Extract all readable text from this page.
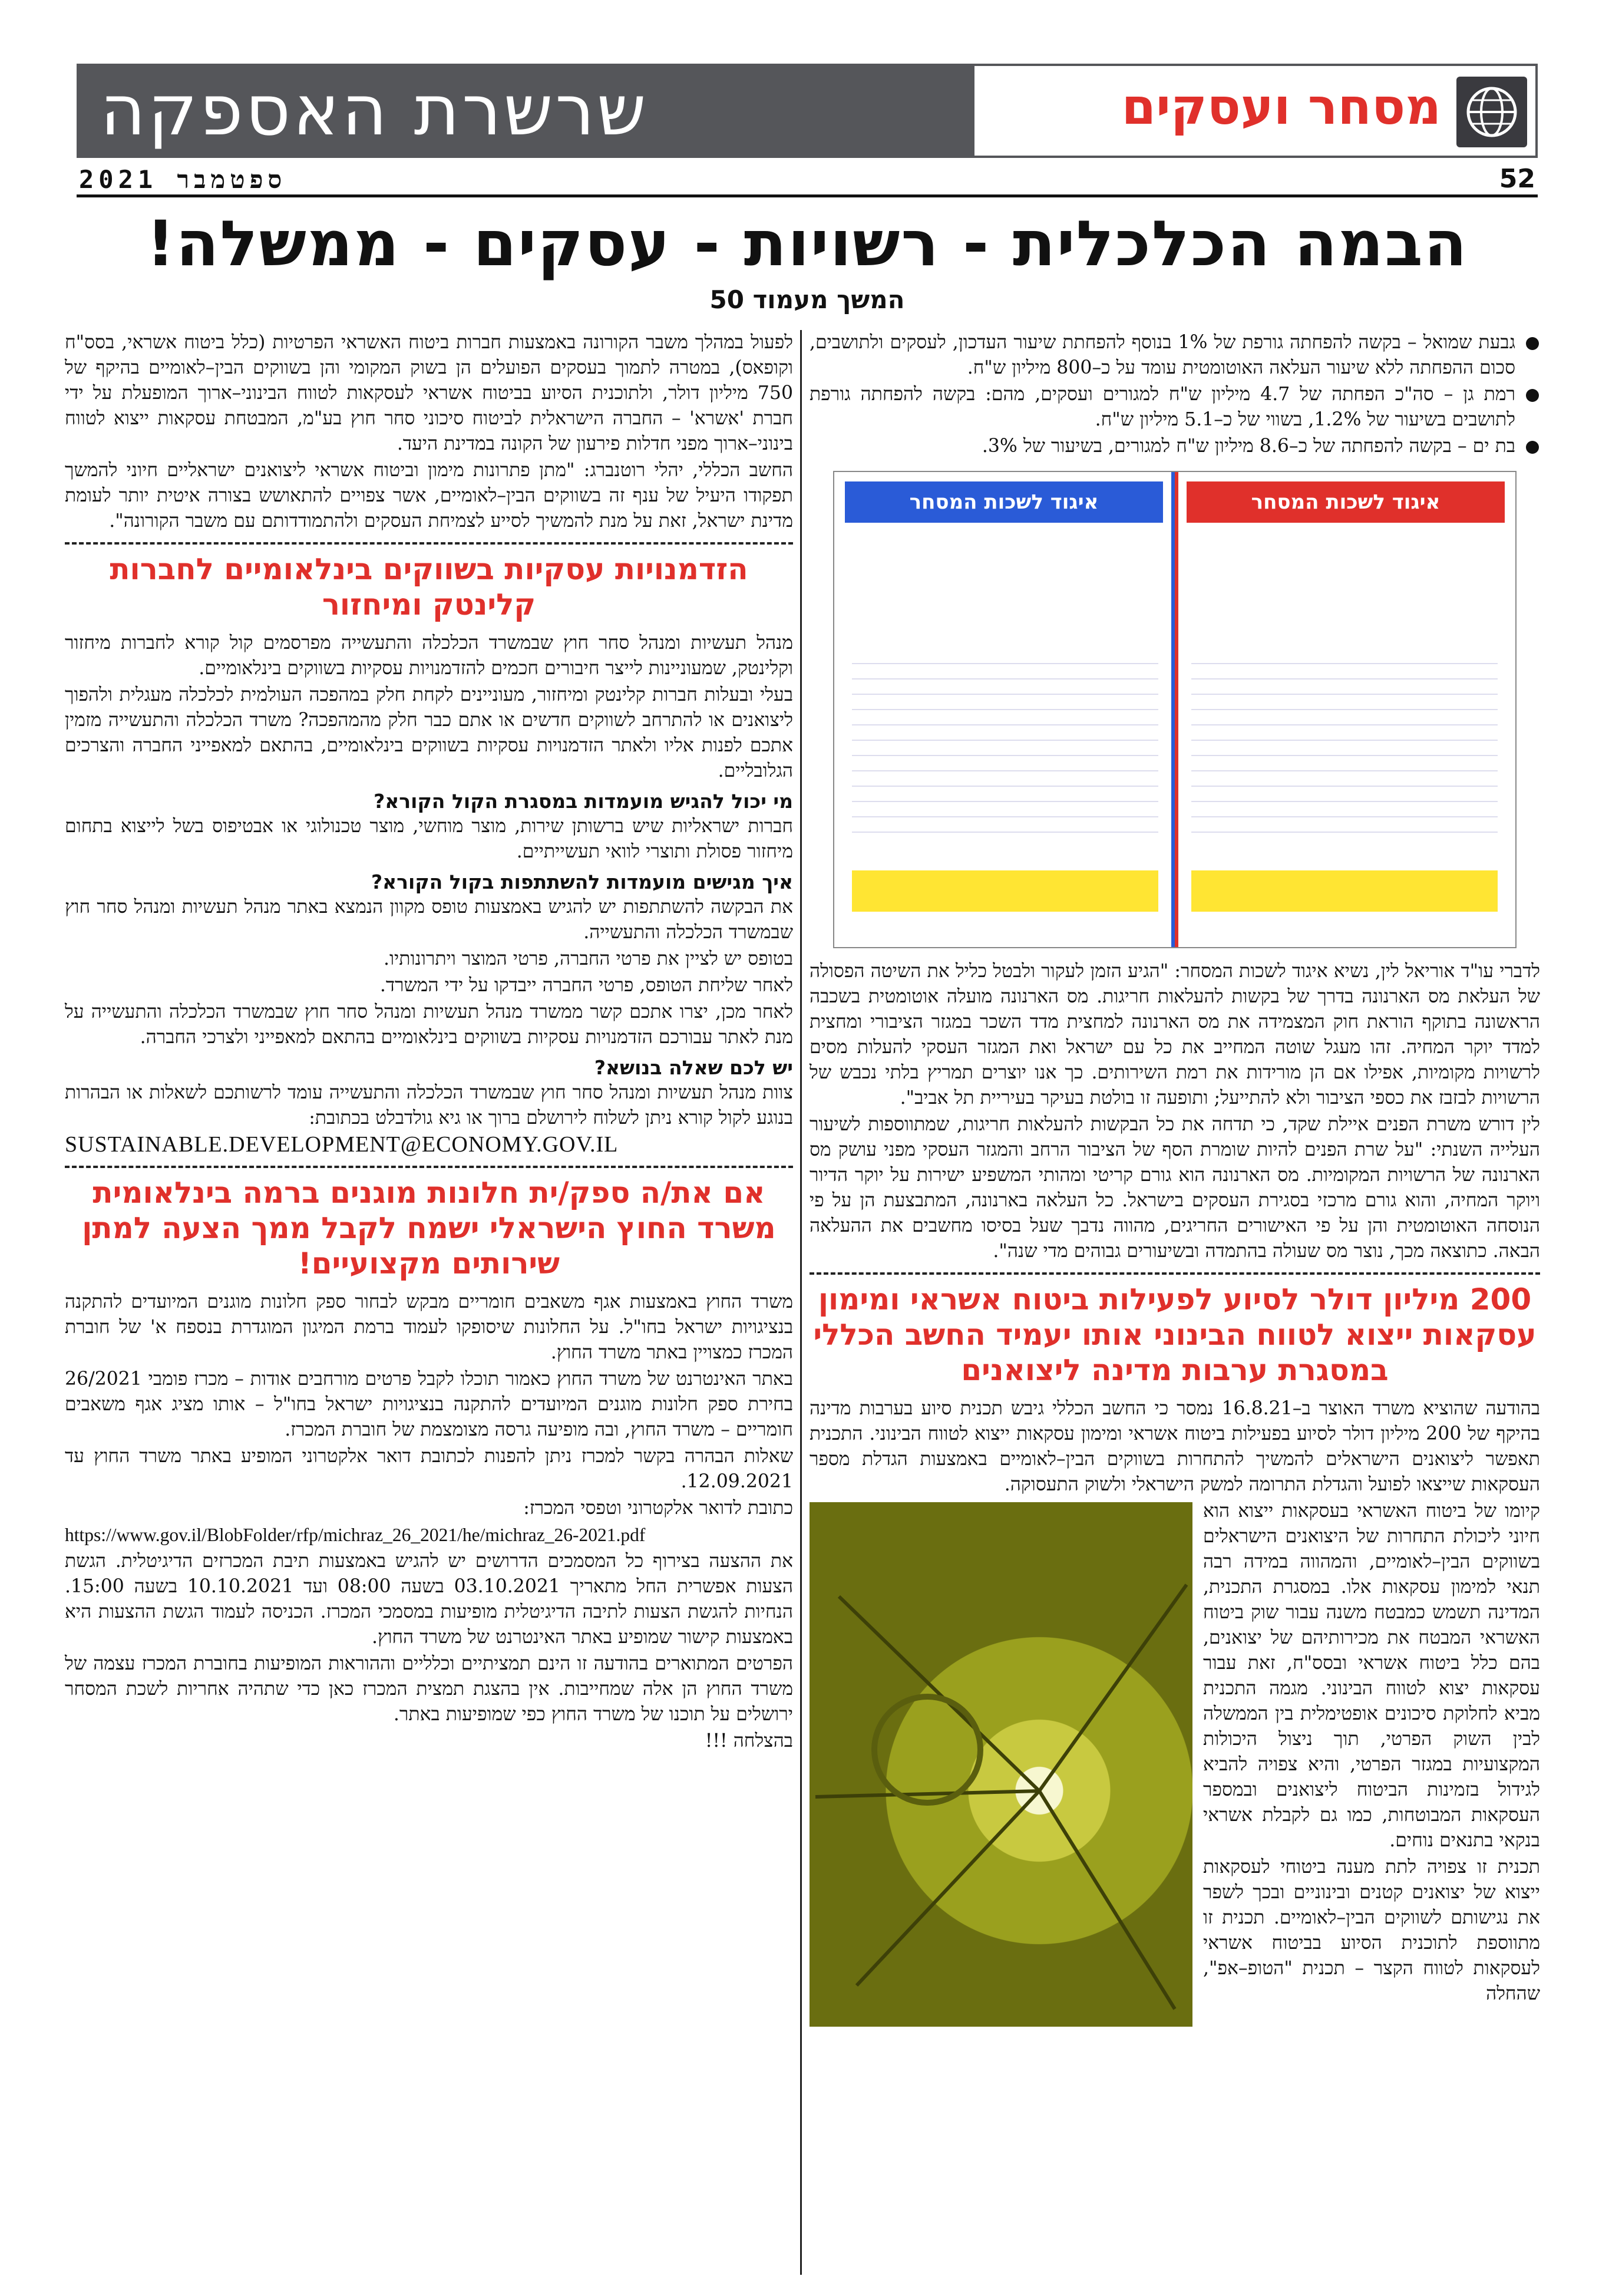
שרשרת האספקה	מסחר ועסקים
ספטמבר 2021	52
הבמה הכלכלית - רשויות - עסקים - ממשלה!
המשך מעמוד 50

גבעת שמואל – בקשה להפחתה גורפת של 1% בנוסף להפחתת שיעור העדכון, לעסקים ולתושבים, סכום ההפחתה ללא שיעור העלאה האוטומטית עומד על כ–800 מיליון ש"ח.

רמת גן – סה"כ הפחתה של 4.7 מיליון ש"ח למגורים ועסקים, מהם: בקשה להפחתה גורפת לתושבים בשיעור של 1.2%, בשווי של כ–5.1 מיליון ש"ח.

בת ים – בקשה להפחתה של כ–8.6 מיליון ש"ח למגורים, בשיעור של 3%.

איגוד לשכות המסחר	איגוד לשכות המסחר

לדברי עו"ד אוריאל לין, נשיא איגוד לשכות המסחר: "הגיע הזמן לעקור ולבטל כליל את השיטה הפסולה של העלאת מס הארנונה בדרך של בקשות להעלאות חריגות. מס הארנונה מועלה אוטומטית בשכבה הראשונה בתוקף הוראת חוק המצמידה את מס הארנונה למחצית מדד השכר במגזר הציבורי ומחצית למדד יוקר המחיה. זהו מעגל שוטה המחייב את כל עם ישראל ואת המגזר העסקי להעלות מסים לרשויות מקומיות, אפילו אם הן מורידות את רמת השירותים. כך אנו יוצרים תמריץ בלתי נכבש של הרשויות לבזבז את כספי הציבור ולא להתייעל; ותופעה זו בולטת בעיקר בעיריית תל אביב".

לין דורש משרת הפנים איילת שקד, כי תדחה את כל הבקשות להעלאות חריגות, שמתווספות לשיעור העלייה השנתי: "על שרת הפנים להיות שומרת הסף של הציבור הרחב והמגזר העסקי מפני עושק מס הארנונה של הרשויות המקומיות. מס הארנונה הוא גורם קריטי ומהותי המשפיע ישירות על יוקר הדיור ויוקר המחיה, והוא גורם מרכזי בסגירת העסקים בישראל. כל העלאה בארנונה, המתבצעת הן על פי הנוסחה האוטומטית והן על פי האישורים החריגים, מהווה נדבך שעל בסיסו מחשבים את ההעלאה הבאה. כתוצאה מכך, נוצר מס שעולה בהתמדה ובשיעורים גבוהים מדי שנה".

200 מיליון דולר לסיוע לפעילות ביטוח אשראי ומימון עסקאות ייצוא לטווח הבינוני אותו יעמיד החשב הכללי במסגרת ערבות מדינה ליצואנים

בהודעה שהוציא משרד האוצר ב–16.8.21 נמסר כי החשב הכללי גיבש תכנית סיוע בערבות מדינה בהיקף של 200 מיליון דולר לסיוע בפעילות ביטוח אשראי ומימון עסקאות ייצוא לטווח הבינוני. התכנית תאפשר ליצואנים הישראלים להמשיך להתחרות בשווקים הבין–לאומיים באמצעות הגדלת מספר העסקאות שייצאו לפועל והגדלת התרומה למשק הישראלי ולשוק התעסוקה.

קיומו של ביטוח האשראי בעסקאות ייצוא הוא חיוני ליכולת התחרות של היצואנים הישראלים בשווקים הבין–לאומיים, והמהווה במידה רבה תנאי למימון עסקאות אלו. במסגרת התכנית, המדינה תשמש כמבטח משנה עבור שוק ביטוח האשראי המבטח את מכירותיהם של יצואנים, בהם כלל ביטוח אשראי ובסס"ח, זאת עבור עסקאות יצוא לטווח הבינוני. מגמה התכנית מביא לחלוקת סיכונים אופטימלית בין הממשלה לבין השוק הפרטי, תוך ניצול היכולות המקצועיות במגזר הפרטי, והיא צפויה להביא לגידול בזמינות הביטוח ליצואנים ובמספר העסקאות המבוטחות, כמו גם לקבלת אשראי בנקאי בתנאים נוחים.

תכנית זו צפויה לתת מענה ביטוחי לעסקאות ייצוא של יצואנים קטנים ובינוניים ובכך לשפר את נגישותם לשווקים הבין–לאומיים. תכנית זו מתווספת לתוכנית הסיוע בביטוח אשראי לעסקאות לטווח הקצר – תכנית "הטופ–אפ", שהחלה

לפעול במהלך משבר הקורונה באמצעות חברות ביטוח האשראי הפרטיות (כלל ביטוח אשראי, בסס"ח וקופאס), במטרה לתמוך בעסקים הפועלים הן בשוק המקומי והן בשווקים הבין–לאומיים בהיקף של 750 מיליון דולר, ולתוכנית הסיוע בביטוח אשראי לעסקאות לטווח הבינוני–ארוך המופעלת על ידי חברת 'אשרא' – החברה הישראלית לביטוח סיכוני סחר חוץ בע"מ, המבטחת עסקאות ייצוא לטווח בינוני–ארוך מפני חדלות פירעון של הקונה במדינת היעד.

החשב הכללי, יהלי רוטנברג: "מתן פתרונות מימון וביטוח אשראי ליצואנים ישראליים חיוני להמשך תפקודו היעיל של ענף זה בשווקים הבין–לאומיים, אשר צפויים להתאושש בצורה איטית יותר לעומת מדינת ישראל, זאת על מנת להמשיך לסייע לצמיחת העסקים ולהתמודדותם עם משבר הקורונה".

הזדמנויות עסקיות בשווקים בינלאומיים לחברות קלינטק ומיחזור

מנהל תעשיות ומנהל סחר חוץ שבמשרד הכלכלה והתעשייה מפרסמים קול קורא לחברות מיחזור וקלינטק, שמעוניינות לייצר חיבורים חכמים להזדמנויות עסקיות בשווקים בינלאומיים.

בעלי ובעלות חברות קלינטק ומיחזור, מעוניינים לקחת חלק במהפכה העולמית לכלכלה מעגלית ולהפוך ליצואנים או להתרחב לשווקים חדשים או אתם כבר חלק מהמהפכה? משרד הכלכלה והתעשייה מזמין אתכם לפנות אליו ולאתר הזדמנויות עסקיות בשווקים בינלאומיים, בהתאם למאפייני החברה והצרכים הגלובליים.

מי יכול להגיש מועמדות במסגרת הקול הקורא?

חברות ישראליות שיש ברשותן שירות, מוצר מוחשי, מוצר טכנולוגי או אבטיפוס בשל לייצוא בתחום מיחזור פסולת ותוצרי לוואי תעשייתיים.

איך מגישים מועמדות להשתתפות בקול הקורא?

את הבקשה להשתתפות יש להגיש באמצעות טופס מקוון הנמצא באתר מנהל תעשיות ומנהל סחר חוץ שבמשרד הכלכלה והתעשייה.

בטופס יש לציין את פרטי החברה, פרטי המוצר ויתרונותיו.

לאחר שליחת הטופס, פרטי החברה ייבדקו על ידי המשרד.

לאחר מכן, יצרו אתכם קשר ממשרד מנהל תעשיות ומנהל סחר חוץ שבמשרד הכלכלה והתעשייה על מנת לאתר עבורכם הזדמנויות עסקיות בשווקים בינלאומיים בהתאם למאפייני ולצרכי החברה.

יש לכם שאלה בנושא?

צוות מנהל תעשיות ומנהל סחר חוץ שבמשרד הכלכלה והתעשייה עומד לרשותכם לשאלות או הבהרות בנוגע לקול קורא ניתן לשלוח לירושלם ברוך או גיא גולדבלט בכתובת:

SUSTAINABLE.DEVELOPMENT@ECONOMY.GOV.IL

אם את/ה ספק/ית חלונות מוגנים ברמה בינלאומית משרד החוץ הישראלי ישמח לקבל ממך הצעה למתן שירותים מקצועיים!

משרד החוץ באמצעות אגף משאבים חומריים מבקש לבחור ספק חלונות מוגנים המיועדים להתקנה בנציגויות ישראל בחו"ל. על החלונות שיסופקו לעמוד ברמת המיגון המוגדרת בנספח א' של חוברת המכרז כמצויין באתר משרד החוץ.

באתר האינטרנט של משרד החוץ כאמור תוכלו לקבל פרטים מורחבים אודות – מכרז פומבי 26/2021 בחירת ספק חלונות מוגנים המיועדים להתקנה בנציגויות ישראל בחו"ל – אותו מציג אגף משאבים חומריים – משרד החוץ, ובה מופיעה גרסה מצומצמת של חוברת המכרז.

שאלות הבהרה בקשר למכרז ניתן להפנות לכתובת דואר אלקטרוני המופיע באתר משרד החוץ עד 12.09.2021.

כתובת לדואר אלקטרוני וטפסי המכרז:

https://www.gov.il/BlobFolder/rfp/michraz_26_2021/he/michraz_26-2021.pdf

את ההצעה בצירוף כל המסמכים הדרושים יש להגיש באמצעות תיבת המכרזים הדיגיטלית. הגשת הצעות אפשרית החל מתאריך 03.10.2021 בשעה 08:00 ועד 10.10.2021 בשעה 15:00. הנחיות להגשת הצעות לתיבה הדיגיטלית מופיעות במסמכי המכרז. הכניסה לעמוד הגשת ההצעות היא באמצעות קישור שמופיע באתר האינטרנט של משרד החוץ.

הפרטים המתוארים בהודעה זו הינם תמציתיים וכלליים וההוראות המופיעות בחוברת המכרז עצמה של משרד החוץ הן אלה שמחייבות. אין בהצגת תמצית המכרז כאן כדי שתהיה אחריות לשכת המסחר ירושלים על תוכנו של משרד החוץ כפי שמופיעות באתר.

בהצלחה !!!
